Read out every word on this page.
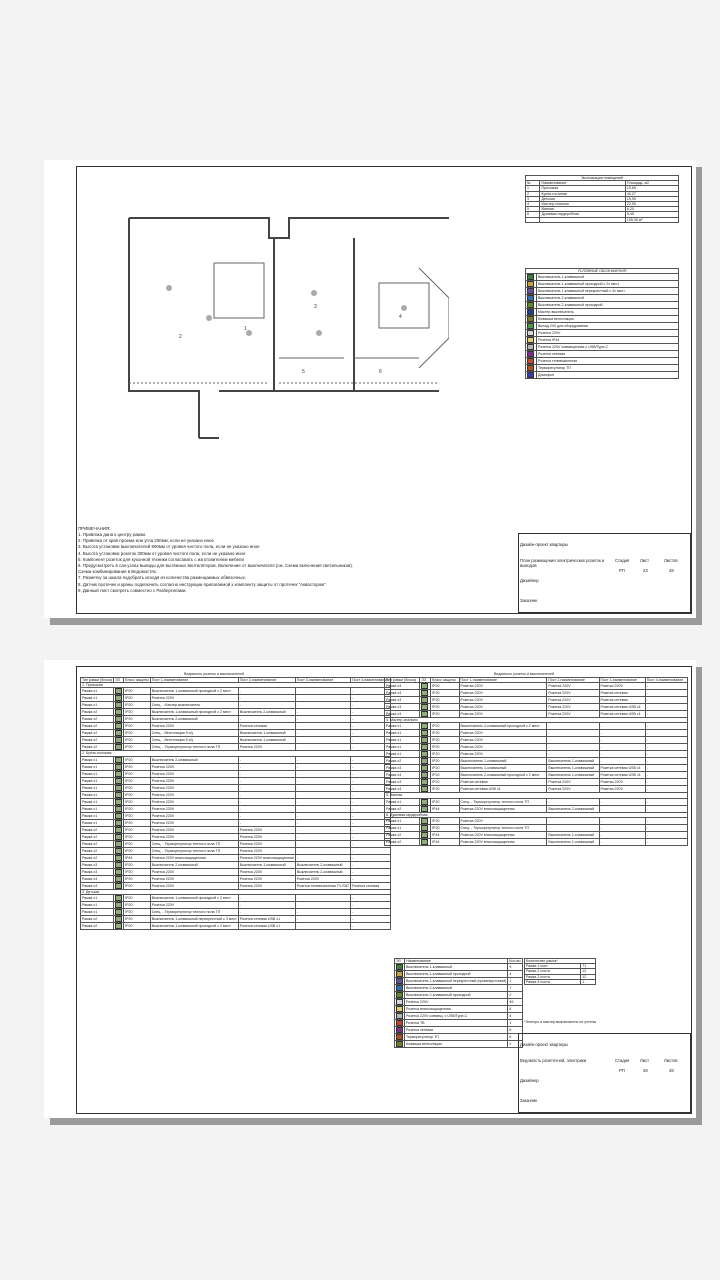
1
2
3
4
5	6
Экспликация помещений		
№	Наименование	Площадь, м2
1	Прихожая	10,65
2	Кухня-гостиная	40,27
3	Детская	19,90
4	Мастер-спальня	22,50
5	Ванная	6,20
6	Душевая-гардеробная	5,45
		105,35 м²
УСЛОВНЫЕ ОБОЗНАЧЕНИЯ	
	Выключатель 1-клавишный
	Выключатель 1-клавишный проходной с 2х мест
	Выключатель 1-клавишный перекрестный с 3х мест
	Выключатель 2-клавишный
	Выключатель 2-клавишный проходной
	Мастер-выключатель
	Клавиша вентиляции
	Выход 24V для оборудования
	Розетка 220V
	Розетка IP44
	Розетка 220V совмещенная с USB/Type-C
	Розетка сетевая
	Розетка телевизионная
	Терморегулятор ТП
	Домофон
ПРИМЕЧАНИЯ:
1. Привязка дана к центру рамки.
2. Привязка от края проема или угла 200мм, если не указано иное
3. Высота установки выключателей 900мм от уровня чистого пола, если не указано иное
4. Высота установки розеток 300мм от уровня чистого пола, если не указано иное
5. Компонент розеток для кухонной техники согласовать с изготовителем мебели
6. Предусмотреть 6 сан.узлах выводы для вытяжных вентиляторов. Включение от выключателя (см. Схема включения светильников).
Схема комбинирования в Ведомостях.
7. Разметку за шкала подобрать исходя из количества размещаемых обвязочных.
8. Датчик протечек и краны подключить согласно инструкции прилагаемой к комплекту защиты от протечек "Аквасторож"
9. Данный лист смотреть совместно с Разбергилами.
Дизайн-проект квартиры
План размещения электрических розеток и выводов
Стадия	Лист	Листов
РП	23	48
Дизайнер
Заказчик
Ведомость розеток и выключателей	Ведомость розеток и выключателей
Тип рамки (блока)	ЭЗ	Класс защиты	Пост 1-наименование	Пост 2-наименование	Пост 3-наименование	Пост 4-наименование
1. Прихожая						
Рамка х1		IP20	Выключатель 1-клавишный проходной с 2 мест	-	-	-
Рамка х1		IP20	Розетка 220V	-	-	-
Рамка х1		IP20	Спец. - Мастер-выключатель	-	-	-
Рамка х2		IP20	Выключатель 1-клавишный проходной с 2 мест	Выключатель 2-клавишный	-	-
Рамка х2		IP20	Выключатель 2-клавишный	-	-	-
Рамка х2		IP20	Розетка 220V	Розетка сетевая	-	-
Рамка х2		IP20	Спец. - Вентиляция 5 с/у	Выключатель 1-клавишный	-	-
Рамка х2		IP20	Спец. - Вентиляция 5 с/у	Выключатель 1-клавишный	-	-
Рамка х2		IP20	Спец. - Терморегулятор теплого пола ТП	Розетка 220V	-	-
2. Кухня-гостиная						
Рамка х1		IP20	Выключатель 2-клавишный	-	-	-
Рамка х1		IP20	Розетка 220V	-	-	-
Рамка х1		IP20	Розетка 220V	-	-	-
Рамка х1		IP20	Розетка 220V	-	-	-
Рамка х1		IP20	Розетка 220V	-	-	-
Рамка х1		IP20	Розетка 220V	-	-	-
Рамка х1		IP20	Розетка 220V	-	-	-
Рамка х1		IP20	Розетка 220V	-	-	-
Рамка х1		IP20	Розетка 220V	-	-	-
Рамка х1		IP20	Розетка 220V	-	-	-
Рамка х2		IP20	Розетка 220V	Розетка 220V	-	-
Рамка х2		IP20	Розетка 220V	Розетка 220V	-	-
Рамка х2		IP20	Спец. - Терморегулятор теплого пола ТП	Розетка 220V	-	-
Рамка х2		IP20	Спец. - Терморегулятор теплого пола ТП	Розетка 220V	-	-
Рамка х2		IP44	Розетка 220V влагозащищенная	Розетка 220V влагозащищенная	-	-
Рамка х3		IP20	Выключатель 2-клавишный	Выключатель 1-клавишный	Выключатель 2-клавишный	-
Рамка х3		IP20	Розетка 220V	Розетка 220V	Выключатель 2-клавишный	-
Рамка х3		IP20	Розетка 220V	Розетка 220V	Розетка 220V	-
Рамка х4		IP20	Розетка 220V	Розетка 220V	Розетка телевизионная TV-SAT	Розетка сетевая
3. Детская						
Рамка х1		IP20	Выключатель 1-клавишный проходной с 2 мест	-	-	-
Рамка х1		IP20	Розетка 220V	-	-	-
Рамка х1		IP20	Спец. - Терморегулятор теплого пола ТП	-	-	-
Рамка х2		IP20	Выключатель 1-клавишный перекрестный с 3 мест	Розетка сетевая USB х1	-	-
Рамка х2		IP20	Выключатель 1-клавишный проходной с 2 мест	Розетка сетевая USB х1	-	-
Тип рамки (блока)	ЭЗ	Класс защиты	Пост 1-наименование	Пост 2-наименование	Пост 3-наименование	Пост 4-наименование
Рамка х3		IP20	Розетка 220V	Розетка 220V	Розетка 220V	-
Рамка х3		IP20	Розетка 220V	Розетка 220V	Розетка сетевая	-
Рамка х3		IP20	Розетка 220V	Розетка 220V	Розетка сетевая	-
Рамка х3		IP20	Розетка 220V	Розетка 220V	Розетка сетевая USB х1	-
Рамка х3		IP20	Розетка 220V	Розетка 220V	Розетка сетевая USB х1	-
4. Мастер-спальня						
Рамка х1		IP20	Выключатель 2-клавишный проходной с 2 мест	-	-	-
Рамка х1		IP20	Розетка 220V	-	-	-
Рамка х1		IP20	Розетка 220V	-	-	-
Рамка х1		IP20	Розетка 220V	-	-	-
Рамка х1		IP20	Розетка 220V	-	-	-
Рамка х2		IP20	Выключатель 1-клавишный	Выключатель 1-клавишный	-	-
Рамка х3		IP20	Выключатель 1-клавишный	Выключатель 1-клавишный	Розетка сетевая USB х1	-
Рамка х3		IP20	Выключатель 2-клавишный проходной с 2 мест	Выключатель 1-клавишный	Розетка сетевая USB х1	-
Рамка х3		IP20	Розетка сетевая	Розетка 220V	Розетка 220V	-
Рамка х3		IP20	Розетка сетевая USB х1	Розетка 220V	Розетка 220V	-
5. Ванная						
Рамка х1		IP20	Спец. - Терморегулятор теплого пола ТП	-	-	-
Рамка х2		IP44	Розетка 220V влагозащищенная	Выключатель 2-клавишный	-	-
6. Душевая-гардеробная						
Рамка х1		IP20	Розетка 220V	-	-	-
Рамка х1		IP20	Спец. - Терморегулятор теплого пола ТП	-	-	-
Рамка х2		IP44	Розетка 220V влагозащищенная	Выключатель 1-клавишный	-	-
Рамка х2		IP44	Розетка 220V влагозащищенная	Выключатель 1-клавишный	-	-
ЭЗ	Наименование	Кол-во
	Выключатель 1-клавишный	9
	Выключатель 1-клавишный проходной	4
	Выключатель 1-клавишный перекрестный (промежуточный)	1
	Выключатель 2-клавишный	7
	Выключатель 2-клавишный проходной	2
	Розетка 220V	49
	Розетка влагозащищенная	6
	Розетка 220V совмещ. с USB/Type-C	4
	Розетка ТВ	1
	Розетка сетевая	5
	Терморегулятор ТП	6
	Клавиша вентиляции	2
Количество рамок*	
Рамка 1 пост	71
Рамка 2 поста	12
Рамка 3 поста	12
Рамка 4 поста	1
*Электро и мастер-выключатель не учтены
Дизайн-проект квартиры
Ведомость розеточной, электрики	Стадия	Лист	Листов
РП	48	48
Дизайнер
Заказчик
